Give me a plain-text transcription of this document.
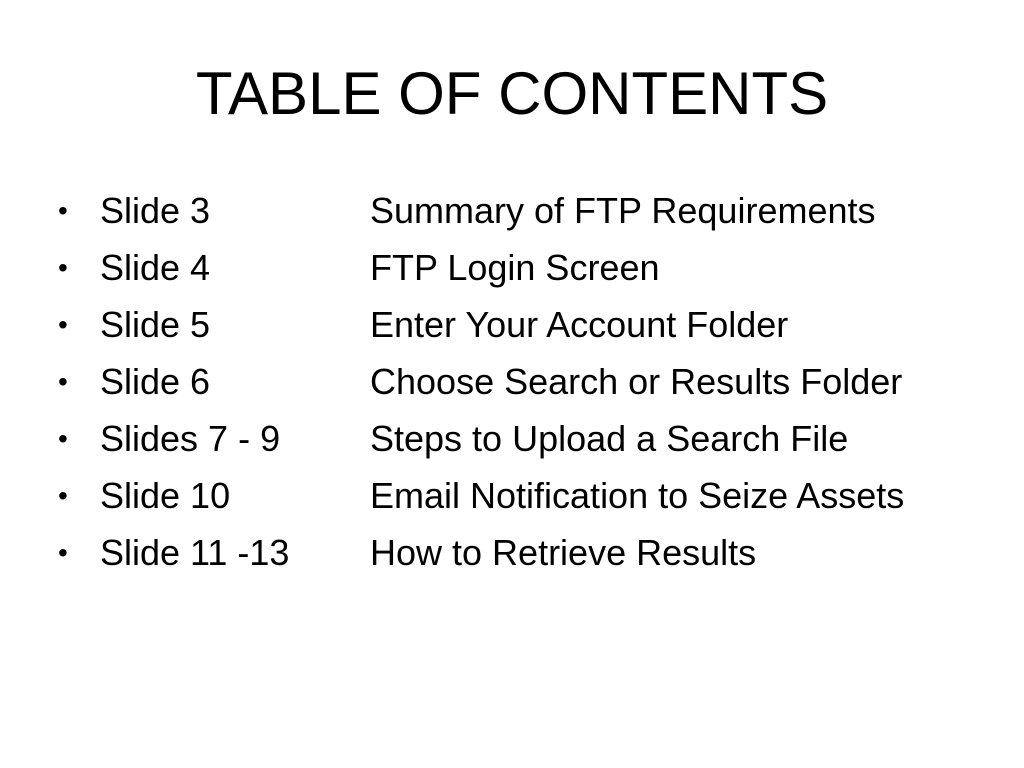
TABLE OF CONTENTS
• Slide 3	Summary of FTP Requirements
• Slide 4	FTP Login Screen
• Slide 5	Enter Your Account Folder
• Slide 6	Choose Search or Results Folder
• Slides 7 - 9 Steps to Upload a Search File
• Slide 10	Email Notification to Seize Assets
• Slide 11 -13 How to Retrieve Results
